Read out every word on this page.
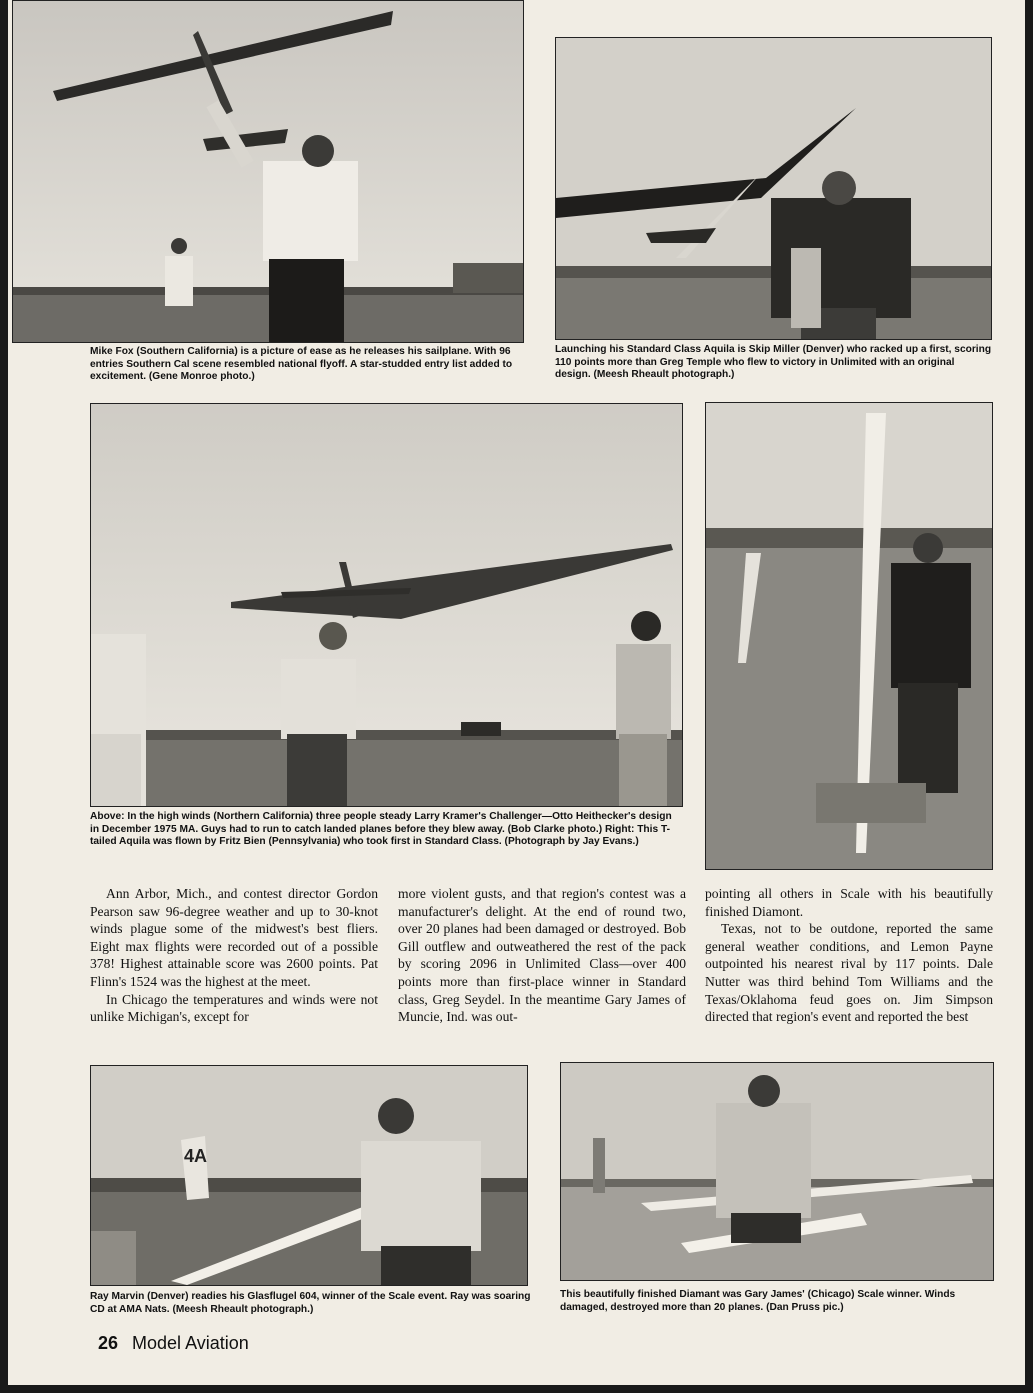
Mike Fox (Southern California) is a picture of ease as he releases his sailplane. With 96 entries Southern Cal scene resembled national flyoff. A star-studded entry list added to excitement. (Gene Monroe photo.)

Launching his Standard Class Aquila is Skip Miller (Denver) who racked up a first, scoring 110 points more than Greg Temple who flew to victory in Unlimited with an original design. (Meesh Rheault photograph.)

Above: In the high winds (Northern California) three people steady Larry Kramer's Challenger—Otto Heithecker's design in December 1975 MA. Guys had to run to catch landed planes before they blew away. (Bob Clarke photo.) Right: This T-tailed Aquila was flown by Fritz Bien (Pennsylvania) who took first in Standard Class. (Photograph by Jay Evans.)

Ann Arbor, Mich., and contest director Gordon Pearson saw 96-degree weather and up to 30-knot winds plague some of the midwest's best fliers. Eight max flights were recorded out of a possible 378! Highest attainable score was 2600 points. Pat Flinn's 1524 was the highest at the meet.

In Chicago the temperatures and winds were not unlike Michigan's, except for

more violent gusts, and that region's contest was a manufacturer's delight. At the end of round two, over 20 planes had been damaged or destroyed. Bob Gill outflew and outweathered the rest of the pack by scoring 2096 in Unlimited Class—over 400 points more than first-place winner in Standard class, Greg Seydel. In the meantime Gary James of Muncie, Ind. was out-

pointing all others in Scale with his beautifully finished Diamont.

Texas, not to be outdone, reported the same general weather conditions, and Lemon Payne outpointed his nearest rival by 117 points. Dale Nutter was third behind Tom Williams and the Texas/Oklahoma feud goes on. Jim Simpson directed that region's event and reported the best

4A

Ray Marvin (Denver) readies his Glasflugel 604, winner of the Scale event. Ray was soaring CD at AMA Nats. (Meesh Rheault photograph.)

This beautifully finished Diamant was Gary James' (Chicago) Scale winner. Winds damaged, destroyed more than 20 planes. (Dan Pruss pic.)

26 Model Aviation
